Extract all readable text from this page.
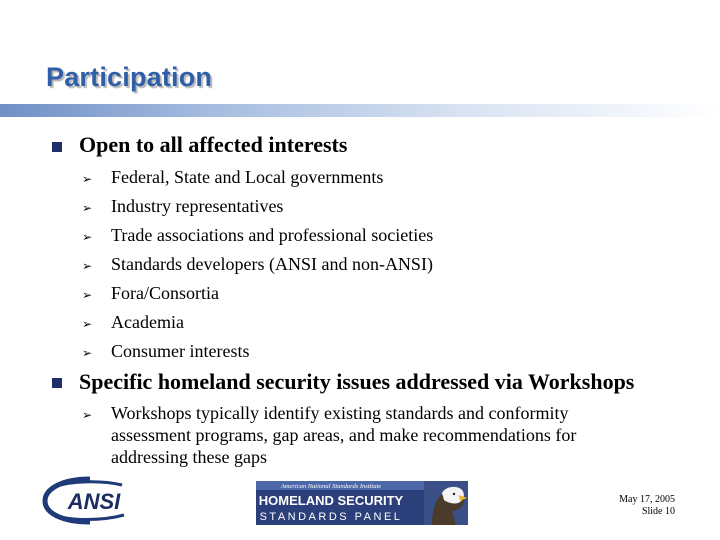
Participation
Open to all affected interests
➢ Federal, State and Local governments
➢ Industry representatives
➢ Trade associations and professional societies
➢ Standards developers (ANSI and non-ANSI)
➢ Fora/Consortia
➢ Academia
➢ Consumer interests
Specific homeland security issues addressed via Workshops
➢ Workshops typically identify existing standards and conformity assessment programs, gap areas, and make recommendations for addressing these gaps
ANSI
American National Standards Institute
HOMELAND SECURITY
STANDARDS PANEL
May 17, 2005
Slide 10
